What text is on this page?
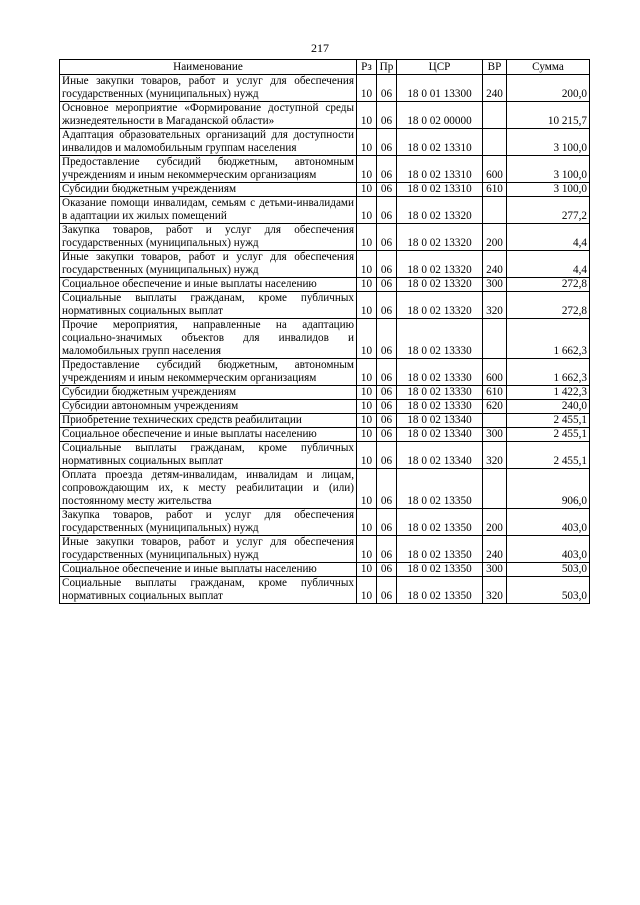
217
Наименование	Рз	Пр	ЦСР	ВР	Сумма
Иные закупки товаров, работ и услуг для обеспечения государственных (муниципальных) нужд	10	06	18 0 01 13300	240	200,0
Основное мероприятие «Формирование доступной среды жизнедеятельности в Магаданской области»	10	06	18 0 02 00000		10 215,7
Адаптация образовательных организаций для доступности инвалидов и маломобильным группам населения	10	06	18 0 02 13310		3 100,0
Предоставление субсидий бюджетным, автономным учреждениям и иным некоммерческим организациям	10	06	18 0 02 13310	600	3 100,0
Субсидии бюджетным учреждениям	10	06	18 0 02 13310	610	3 100,0
Оказание помощи инвалидам, семьям с детьми-инвалидами в адаптации их жилых помещений	10	06	18 0 02 13320		277,2
Закупка товаров, работ и услуг для обеспечения государственных (муниципальных) нужд	10	06	18 0 02 13320	200	4,4
Иные закупки товаров, работ и услуг для обеспечения государственных (муниципальных) нужд	10	06	18 0 02 13320	240	4,4
Социальное обеспечение и иные выплаты населению	10	06	18 0 02 13320	300	272,8
Социальные выплаты гражданам, кроме публичных нормативных социальных выплат	10	06	18 0 02 13320	320	272,8
Прочие мероприятия, направленные на адаптацию социально-значимых объектов для инвалидов и маломобильных групп населения	10	06	18 0 02 13330		1 662,3
Предоставление субсидий бюджетным, автономным учреждениям и иным некоммерческим организациям	10	06	18 0 02 13330	600	1 662,3
Субсидии бюджетным учреждениям	10	06	18 0 02 13330	610	1 422,3
Субсидии автономным учреждениям	10	06	18 0 02 13330	620	240,0
Приобретение технических средств реабилитации	10	06	18 0 02 13340		2 455,1
Социальное обеспечение и иные выплаты населению	10	06	18 0 02 13340	300	2 455,1
Социальные выплаты гражданам, кроме публичных нормативных социальных выплат	10	06	18 0 02 13340	320	2 455,1
Оплата проезда детям-инвалидам, инвалидам и лицам, сопровождающим их, к месту реабилитации и (или) постоянному месту жительства	10	06	18 0 02 13350		906,0
Закупка товаров, работ и услуг для обеспечения государственных (муниципальных) нужд	10	06	18 0 02 13350	200	403,0
Иные закупки товаров, работ и услуг для обеспечения государственных (муниципальных) нужд	10	06	18 0 02 13350	240	403,0
Социальное обеспечение и иные выплаты населению	10	06	18 0 02 13350	300	503,0
Социальные выплаты гражданам, кроме публичных нормативных социальных выплат	10	06	18 0 02 13350	320	503,0
